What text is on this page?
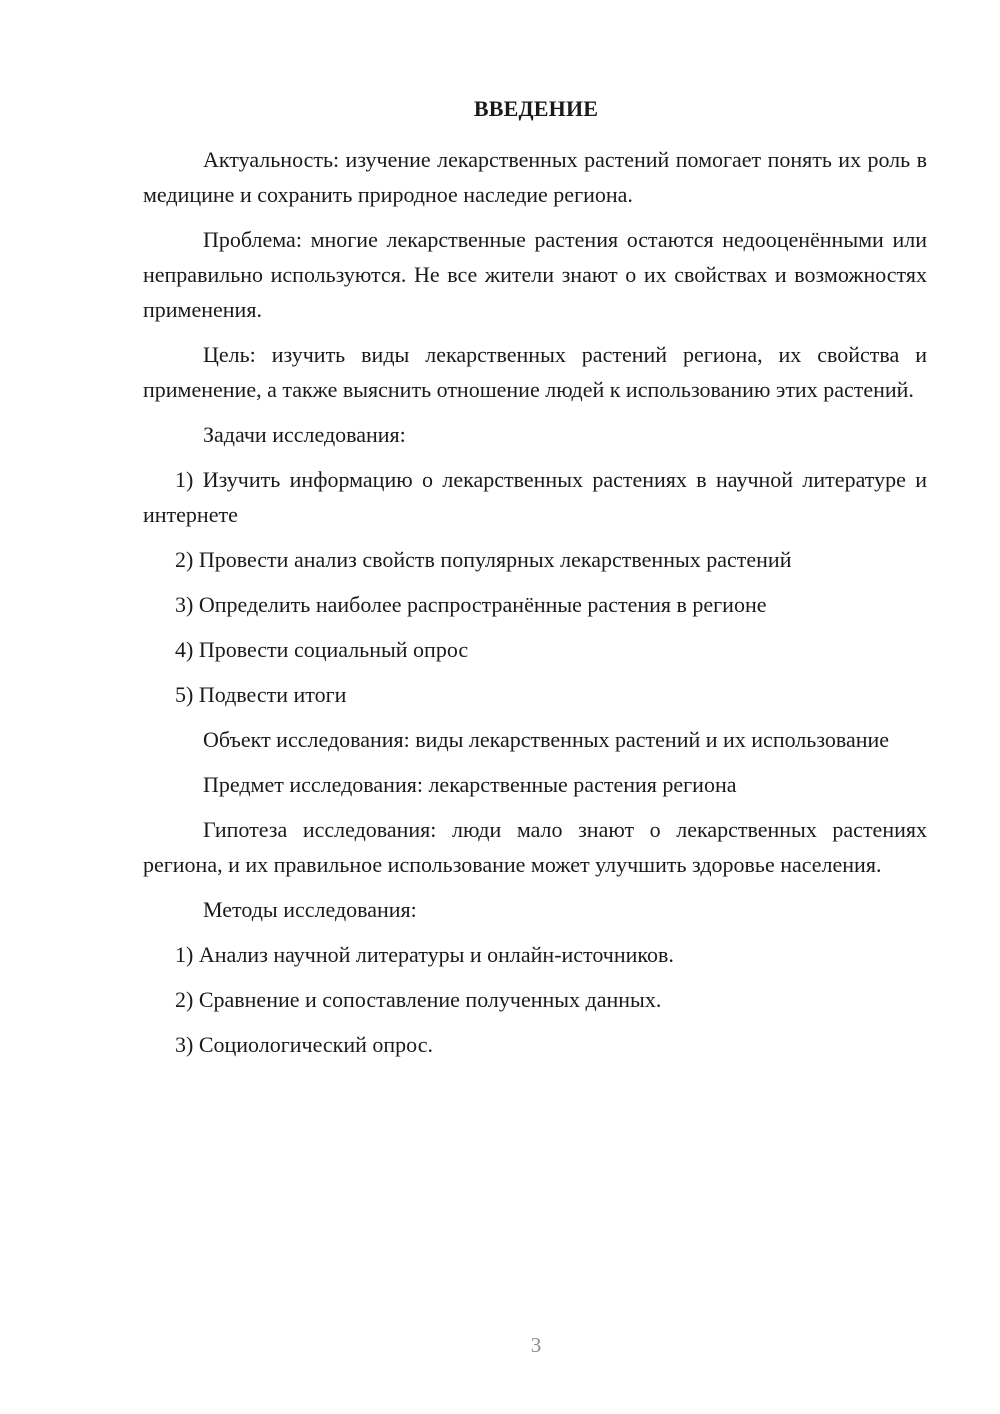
ВВЕДЕНИЕ

Актуальность: изучение лекарственных растений помогает понять их роль в медицине и сохранить природное наследие региона.

Проблема: многие лекарственные растения остаются недооценёнными или неправильно используются. Не все жители знают о их свойствах и возможностях применения.

Цель: изучить виды лекарственных растений региона, их свойства и применение, а также выяснить отношение людей к использованию этих растений.

Задачи исследования:

1) Изучить информацию о лекарственных растениях в научной литературе и интернете

2) Провести анализ свойств популярных лекарственных растений

3) Определить наиболее распространённые растения в регионе

4) Провести социальный опрос

5) Подвести итоги

Объект исследования: виды лекарственных растений и их использование

Предмет исследования: лекарственные растения региона

Гипотеза исследования: люди мало знают о лекарственных растениях региона, и их правильное использование может улучшить здоровье населения.

Методы исследования:

1) Анализ научной литературы и онлайн-источников.

2) Сравнение и сопоставление полученных данных.

3) Социологический опрос.

3
